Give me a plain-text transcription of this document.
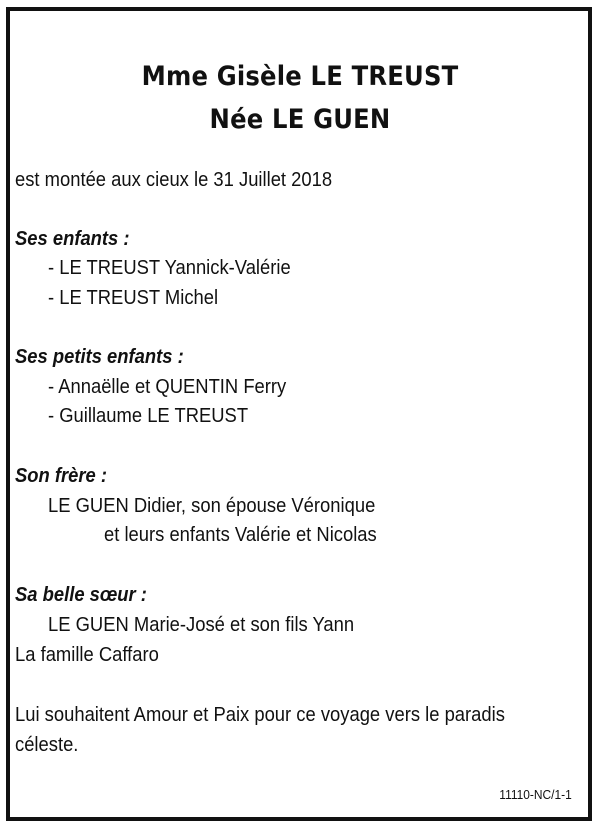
Mme Gisèle LE TREUST
Née LE GUEN
est montée aux cieux le 31 Juillet 2018
Ses enfants :
- LE TREUST Yannick-Valérie
- LE TREUST Michel
Ses petits enfants :
- Annaëlle et QUENTIN Ferry
- Guillaume LE TREUST
Son frère :
LE GUEN Didier, son épouse Véronique
et leurs enfants Valérie et Nicolas
Sa belle sœur :
LE GUEN Marie-José et son fils Yann
La famille Caffaro
Lui souhaitent Amour et Paix pour ce voyage vers le paradis
céleste.
11110-NC/1-1
